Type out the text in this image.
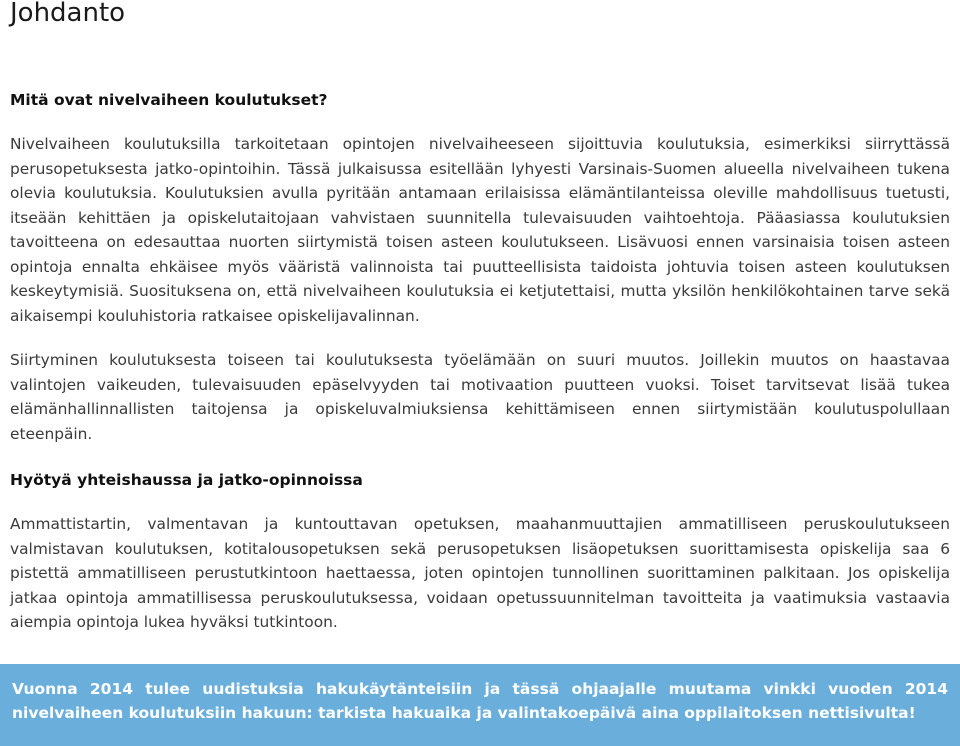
Johdanto
Mitä ovat nivelvaiheen koulutukset?

Nivelvaiheen koulutuksilla tarkoitetaan opintojen nivelvaiheeseen sijoittuvia koulutuksia, esimerkiksi siirryttässä perusopetuksesta jatko-opintoihin. Tässä julkaisussa esitellään lyhyesti Varsinais-Suomen alueella nivelvaiheen tukena olevia koulutuksia. Koulutuksien avulla pyritään antamaan erilaisissa elämäntilanteissa oleville mahdollisuus tuetusti, itseään kehittäen ja opiskelutaitojaan vahvistaen suunnitella tulevaisuuden vaihtoehtoja. Pääasiassa koulutuksien tavoitteena on edesauttaa nuorten siirtymistä toisen asteen koulutukseen. Lisävuosi ennen varsinaisia toisen asteen opintoja ennalta ehkäisee myös vääristä valinnoista tai puutteellisista taidoista johtuvia toisen asteen koulutuksen keskeytymisiä. Suosituksena on, että nivelvaiheen koulutuksia ei ketjutettaisi, mutta yksilön henkilökohtainen tarve sekä aikaisempi kouluhistoria ratkaisee opiskelijavalinnan.

Siirtyminen koulutuksesta toiseen tai koulutuksesta työelämään on suuri muutos. Joillekin muutos on haastavaa valintojen vaikeuden, tulevaisuuden epäselvyyden tai motivaation puutteen vuoksi. Toiset tarvitsevat lisää tukea elämänhallinnallisten taitojensa ja opiskeluvalmiuksiensa kehittämiseen ennen siirtymistään koulutuspolullaan eteenpäin.

Hyötyä yhteishaussa ja jatko-opinnoissa

Ammattistartin, valmentavan ja kuntouttavan opetuksen, maahanmuuttajien ammatilliseen peruskoulutukseen valmistavan koulutuksen, kotitalousopetuksen sekä perusopetuksen lisäopetuksen suorittamisesta opiskelija saa 6 pistettä ammatilliseen perustutkintoon haettaessa, joten opintojen tunnollinen suorittaminen palkitaan. Jos opiskelija jatkaa opintoja ammatillisessa peruskoulutuksessa, voidaan opetussuunnitelman tavoitteita ja vaatimuksia vastaavia aiempia opintoja lukea hyväksi tutkintoon.

Vuonna 2014 tulee uudistuksia hakukäytänteisiin ja tässä ohjaajalle muutama vinkki vuoden 2014 nivelvaiheen koulutuksiin hakuun: tarkista hakuaika ja valintakoepäivä aina oppilaitoksen nettisivulta!
